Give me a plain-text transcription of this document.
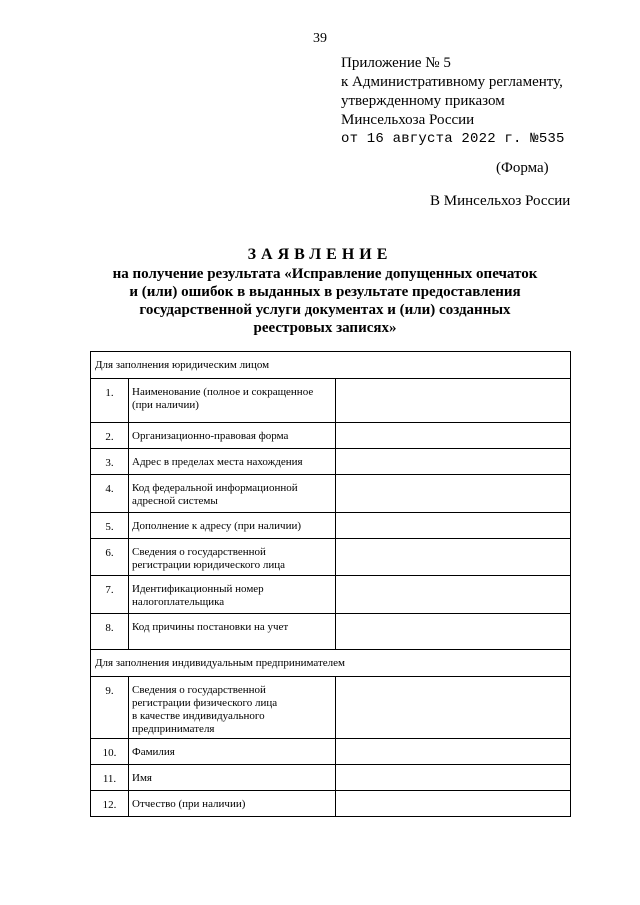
39
Приложение № 5
к Административному регламенту,
утвержденному приказом
Минсельхоза России
от 16 августа 2022 г. №535
(Форма)
В Минсельхоз России
ЗАЯВЛЕНИЕ
на получение результата «Исправление допущенных опечаток
и (или) ошибок в выданных в результате предоставления
государственной услуги документах и (или) созданных
реестровых записях»
Для заполнения юридическим лицом		
1.	Наименование (полное и сокращенное
(при наличии)	

2.	Организационно-правовая форма	

3.	Адрес в пределах места нахождения	

4.	Код федеральной информационной
адресной системы	

5.	Дополнение к адресу (при наличии)	

6.	Сведения о государственной
регистрации юридического лица	

7.	Идентификационный номер
налогоплательщика	

8.	Код причины постановки на учет	

Для заполнения индивидуальным предпринимателем		
9.	Сведения о государственной
регистрации физического лица
в качестве индивидуального
предпринимателя	

10.	Фамилия	

11.	Имя	

12.	Отчество (при наличии)	
